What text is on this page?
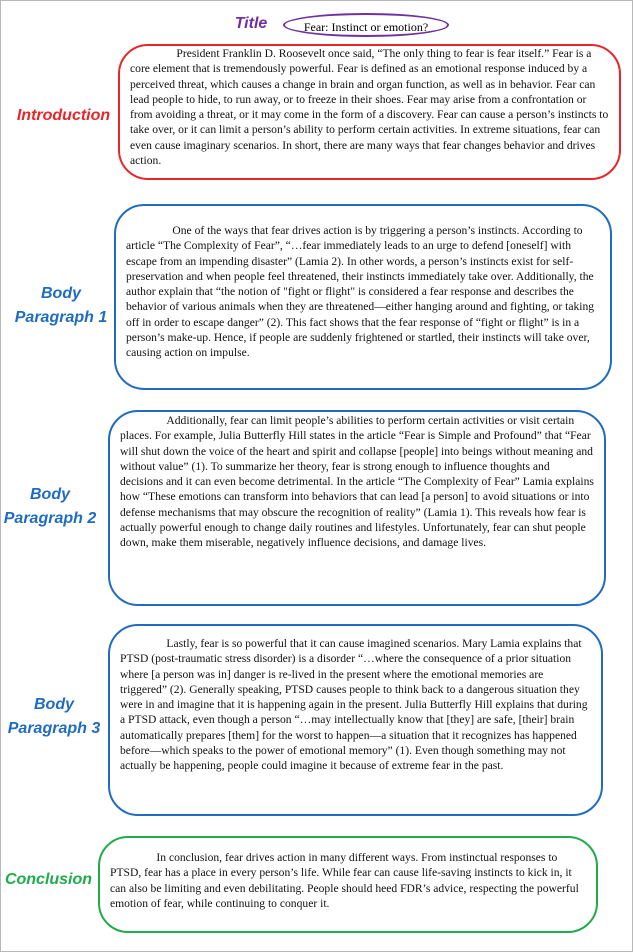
Title	Fear: Instinct or emotion?
Introduction

President Franklin D. Roosevelt once said, “The only thing to fear is fear itself.” Fear is a core element that is tremendously powerful. Fear is defined as an emotional response induced by a perceived threat, which causes a change in brain and organ function, as well as in behavior. Fear can lead people to hide, to run away, or to freeze in their shoes. Fear may arise from a confrontation or from avoiding a threat, or it may come in the form of a discovery. Fear can cause a person’s instincts to take over, or it can limit a person’s ability to perform certain activities. In extreme situations, fear can even cause imaginary scenarios. In short, there are many ways that fear changes behavior and drives action.

Body Paragraph 1

One of the ways that fear drives action is by triggering a person’s instincts. According to article “The Complexity of Fear”, “…fear immediately leads to an urge to defend [oneself] with escape from an impending disaster” (Lamia 2). In other words, a person’s instincts exist for self-preservation and when people feel threatened, their instincts immediately take over. Additionally, the author explain that “the notion of "fight or flight" is considered a fear response and describes the behavior of various animals when they are threatened—either hanging around and fighting, or taking off in order to escape danger” (2). This fact shows that the fear response of “fight or flight” is in a person’s make-up. Hence, if people are suddenly frightened or startled, their instincts will take over, causing action on impulse.

Body Paragraph 2

Additionally, fear can limit people’s abilities to perform certain activities or visit certain places. For example, Julia Butterfly Hill states in the article “Fear is Simple and Profound” that “Fear will shut down the voice of the heart and spirit and collapse [people] into beings without meaning and without value” (1). To summarize her theory, fear is strong enough to influence thoughts and decisions and it can even become detrimental. In the article “The Complexity of Fear” Lamia explains how “These emotions can transform into behaviors that can lead [a person] to avoid situations or into defense mechanisms that may obscure the recognition of reality” (Lamia 1). This reveals how fear is actually powerful enough to change daily routines and lifestyles. Unfortunately, fear can shut people down, make them miserable, negatively influence decisions, and damage lives.

Body Paragraph 3

Lastly, fear is so powerful that it can cause imagined scenarios. Mary Lamia explains that PTSD (post-traumatic stress disorder) is a disorder “…where the consequence of a prior situation where [a person was in] danger is re-lived in the present where the emotional memories are triggered” (2). Generally speaking, PTSD causes people to think back to a dangerous situation they were in and imagine that it is happening again in the present. Julia Butterfly Hill explains that during a PTSD attack, even though a person “…may intellectually know that [they] are safe, [their] brain automatically prepares [them] for the worst to happen—a situation that it recognizes has happened before—which speaks to the power of emotional memory” (1). Even though something may not actually be happening, people could imagine it because of extreme fear in the past.

Conclusion

In conclusion, fear drives action in many different ways. From instinctual responses to PTSD, fear has a place in every person’s life. While fear can cause life-saving instincts to kick in, it can also be limiting and even debilitating. People should heed FDR’s advice, respecting the powerful emotion of fear, while continuing to conquer it.
